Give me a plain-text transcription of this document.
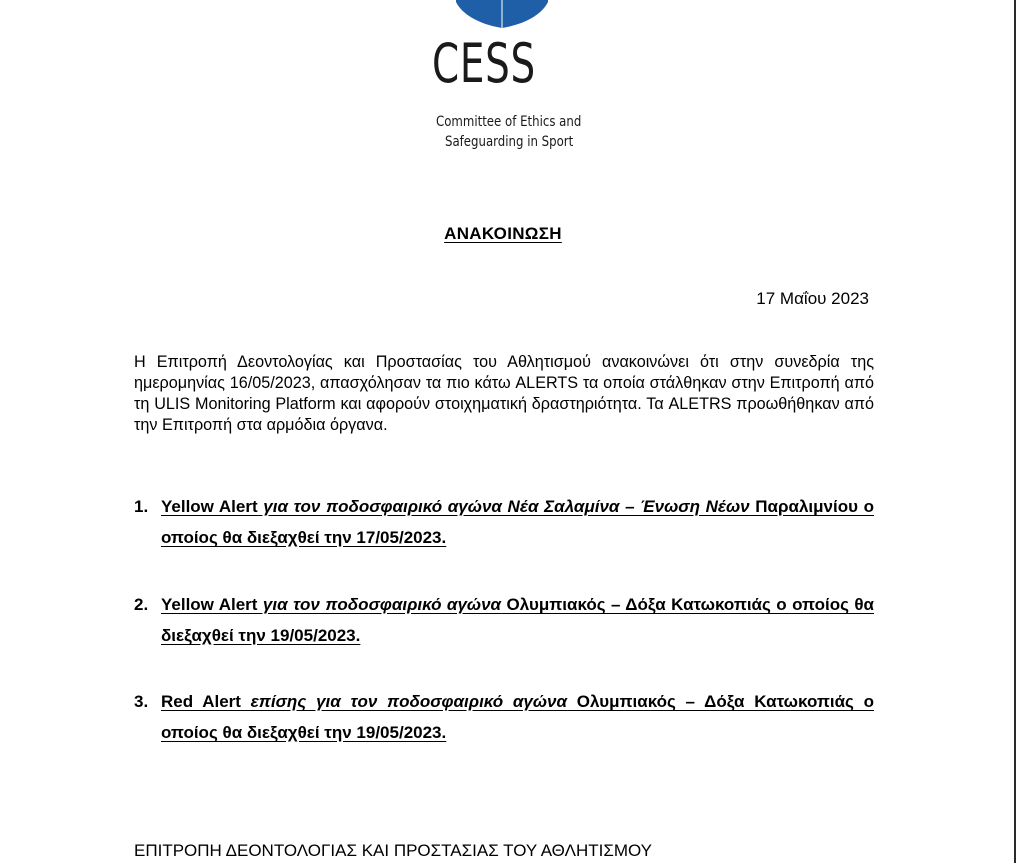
CESS
Committee of Ethics and
Safeguarding in Sport
ΑΝΑΚΟΙΝΩΣΗ
17 Μαΐου 2023

Η Επιτροπή Δεοντολογίας και Προστασίας του Αθλητισμού ανακοινώνει ότι στην συνεδρία της ημερομηνίας 16/05/2023, απασχόλησαν τα πιο κάτω ALERTS τα οποία στάλθηκαν στην Επιτροπή από τη ULIS Monitoring Platform και αφορούν στοιχηματική δραστηριότητα. Τα ALETRS προωθήθηκαν από την Επιτροπή στα αρμόδια όργανα.

1. Yellow Alert για τον ποδοσφαιρικό αγώνα Νέα Σαλαμίνα – Ένωση Νέων Παραλιμνίου ο οποίος θα διεξαχθεί την 17/05/2023.

2. Yellow Alert για τον ποδοσφαιρικό αγώνα Ολυμπιακός – Δόξα Κατωκοπιάς ο οποίος θα διεξαχθεί την 19/05/2023.

3. Red Alert επίσης για τον ποδοσφαιρικό αγώνα Ολυμπιακός – Δόξα Κατωκοπιάς ο οποίος θα διεξαχθεί την 19/05/2023.

ΕΠΙΤΡΟΠΗ ΔΕΟΝΤΟΛΟΓΙΑΣ ΚΑΙ ΠΡΟΣΤΑΣΙΑΣ ΤΟΥ ΑΘΛΗΤΙΣΜΟΥ
